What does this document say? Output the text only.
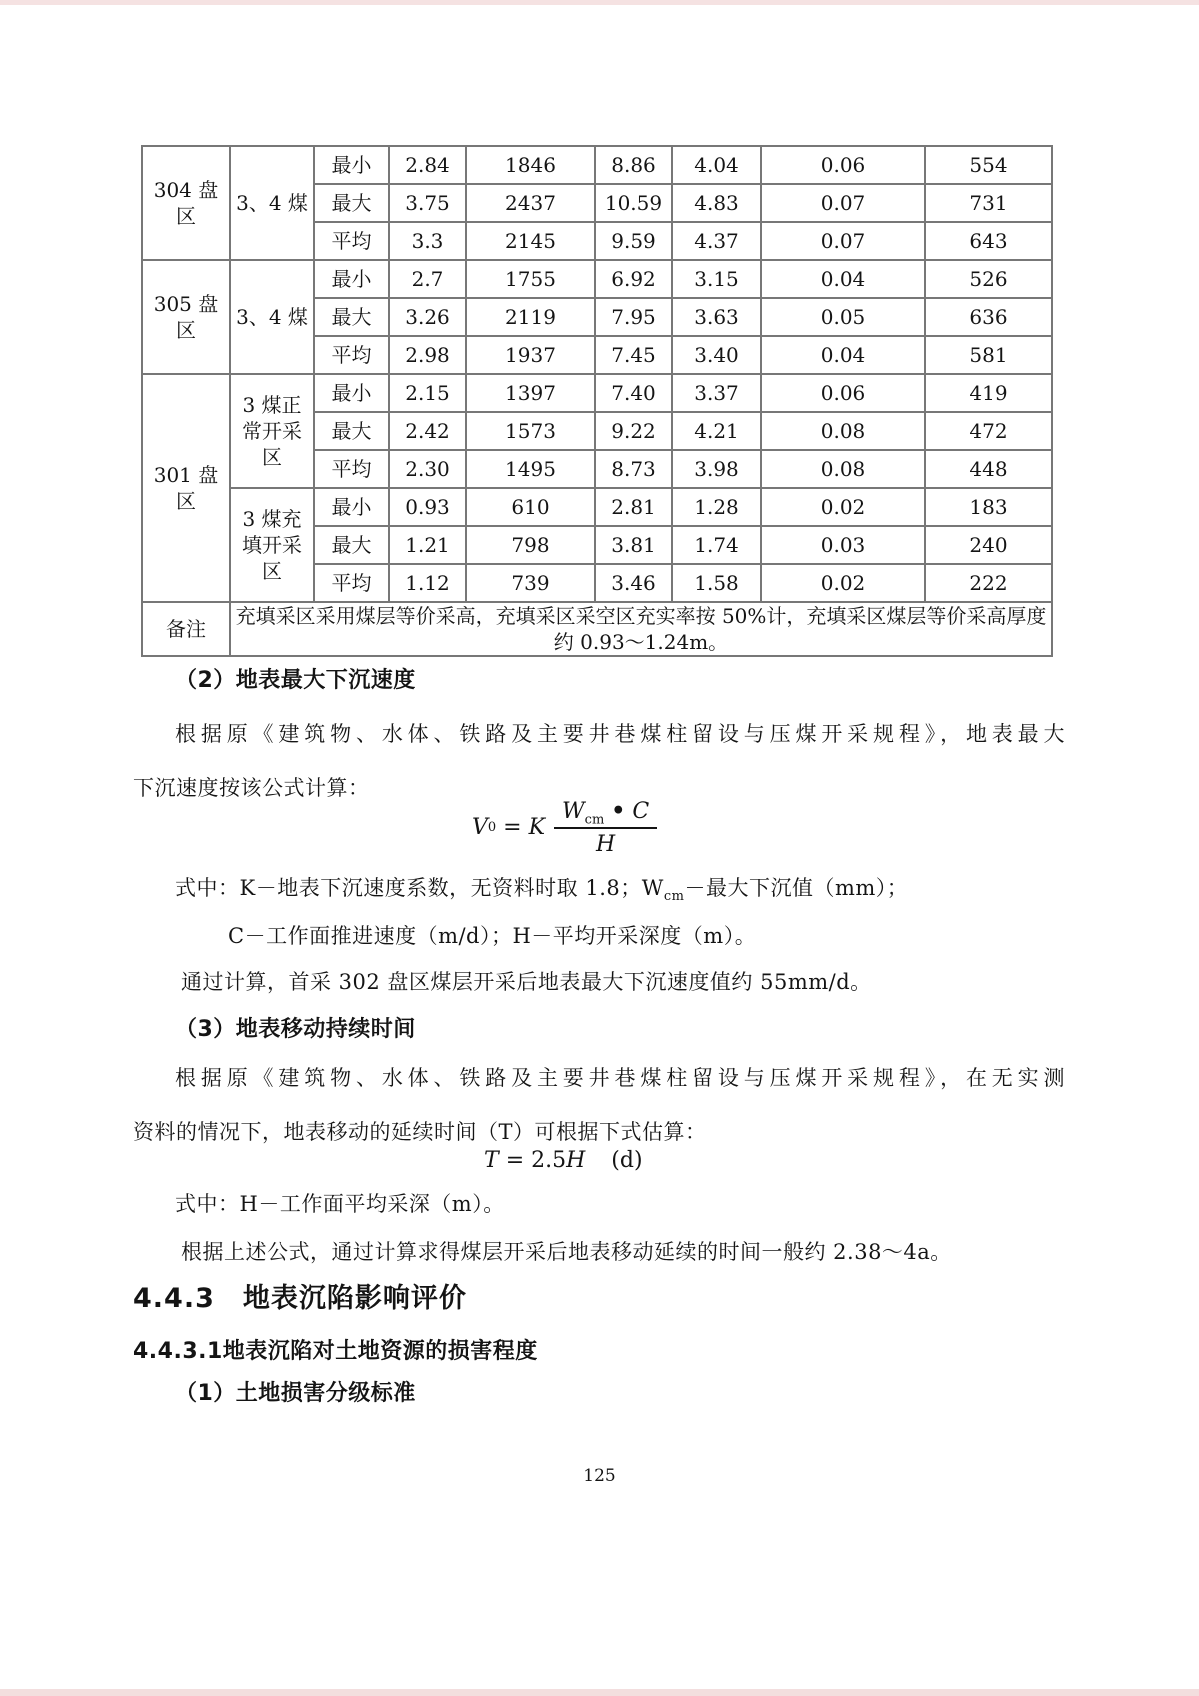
304 盘区	3、4 煤	最小	2.84	1846	8.86	4.04	0.06	554
		最大	3.75	2437	10.59	4.83	0.07	731
		平均	3.3	2145	9.59	4.37	0.07	643
305 盘区	3、4 煤	最小	2.7	1755	6.92	3.15	0.04	526
		最大	3.26	2119	7.95	3.63	0.05	636
		平均	2.98	1937	7.45	3.40	0.04	581
301 盘区	3 煤正常开采区	最小	2.15	1397	7.40	3.37	0.06	419
		最大	2.42	1573	9.22	4.21	0.08	472
		平均	2.30	1495	8.73	3.98	0.08	448
	3 煤充填开采区	最小	0.93	610	2.81	1.28	0.02	183
		最大	1.21	798	3.81	1.74	0.03	240
		平均	1.12	739	3.46	1.58	0.02	222
备注	充填采区采用煤层等价采高，充填采区采空区充实率按 50%计，充填采区煤层等价采高厚度约 0.93～1.24m。							
（2）地表最大下沉速度
根据原《建筑物、水体、铁路及主要井巷煤柱留设与压煤开采规程》，地表最大
下沉速度按该公式计算：
V 0 = K $\frac{W_{cm} • C}{H}$
式中：K－地表下沉速度系数，无资料时取 1.8；$W_{cm}-$最大下沉值（mm）；
C－工作面推进速度（m/d）；H－平均开采深度（m）。
通过计算，首采 302 盘区煤层开采后地表最大下沉速度值约 55mm/d。
（3）地表移动持续时间
根据原《建筑物、水体、铁路及主要井巷煤柱留设与压煤开采规程》，在无实测
资料的情况下，地表移动的延续时间（T）可根据下式估算：
T = 2.5 H (d)
式中：H－工作面平均采深（m）。
根据上述公式，通过计算求得煤层开采后地表移动延续的时间一般约 2.38～4a。
4.4.3　地表沉陷影响评价
4.4.3.1地表沉陷对土地资源的损害程度
（1）土地损害分级标准
125
